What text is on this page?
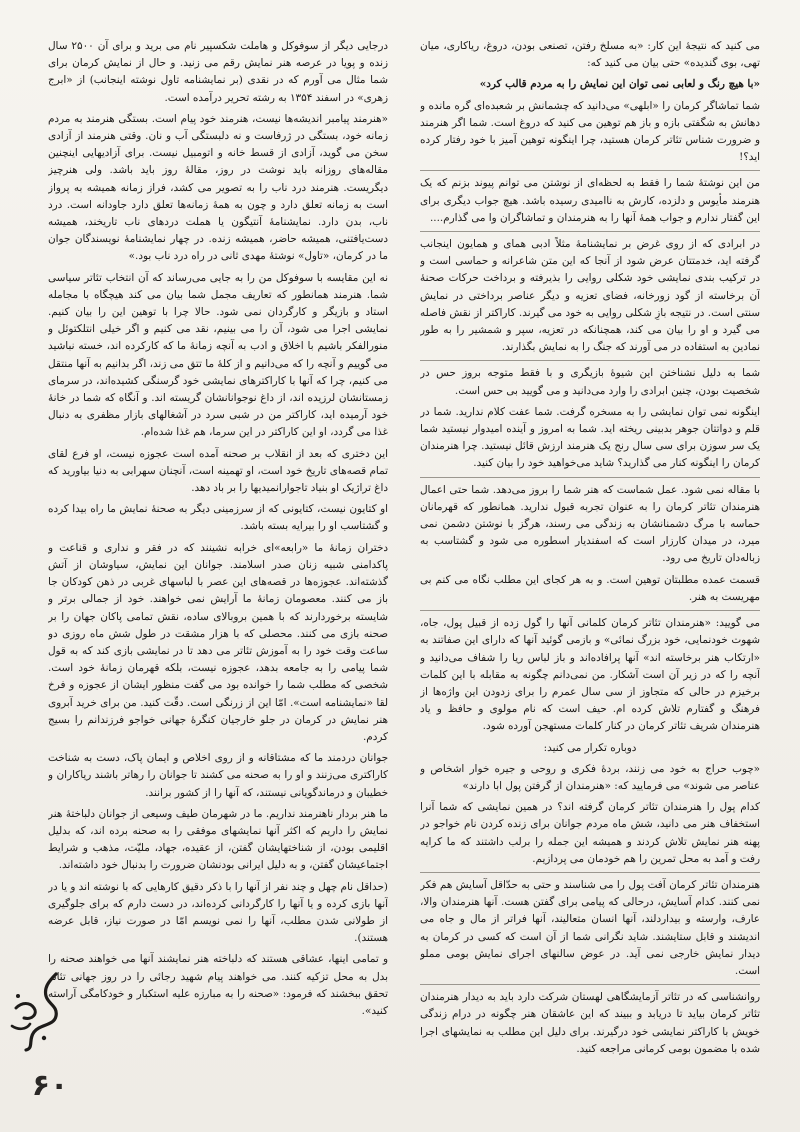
می کنید که نتیجهٔ این کار: «به مسلخ رفتن، تصنعی بودن، دروغ، ریاکاری، میان تهی، بوی گندیده» حتی بیان می کنید که:

«با هیچ رنگ و لعابی نمی توان این نمایش را به مردم قالب کرد»

شما تماشاگر کرمان را «ابلهی» می‌دانید که چشمانش بر شعبده‌ای گره مانده و دهانش به شگفتی بازه و باز هم توهین می کنید که دروغ است. شما اگر هنرمند و ضرورت شناس تئاتر کرمان هستید، چرا اینگونه توهین آمیز با خود رفتار کرده اید؟!

من این نوشتهٔ شما را فقط به لحظه‌ای از نوشتن می توانم پیوند بزنم که یک هنرمند مأیوس و دلزده، کارش به ناامیدی رسیده باشد. هیچ جواب دیگری برای این گفتار ندارم و جواب همهٔ آنها را به هنرمندان و تماشاگران وا می گذارم....

در ابرادی که از روی غرض بر نمایشنامهٔ مثلاً ادبی همای و همایون اینجانب گرفته اید، خدمتتان عرض شود از آنجا که این متن شاعرانه و حماسی است و در ترکیب بندی نمایشی خود شکلی روایی را بذیرفته و برداخت حرکات صحنهٔ آن برخاسته از گود زورخانه، فضای تعزیه و دیگر عناصر برداختی در نمایش سنتی است. در نتیجه بازِ شکلی روایی به خود می گیرند. کاراکتر از نقش فاصله می گیرد و او را بیان می کند، همچنانکه در تعزیه، سپر و شمشیر را به طور نمادین به استفاده در می آورند که جنگ را به نمایش بگذارند.

شما به دلیل نشناختن این شیوهٔ بازیگری و با فقط متوجه بروز حس در شخصیت بودن، چنین ابرادی را وارد می‌دانید و می گویید بی حس است.

اینگونه نمی توان نمایشی را به مسخره گرفت. شما عفت کلام ندارید. شما در قلم و دواتتان جوهر بدبینی ریخته اید. شما به امروز و آینده امیدوار نیستید شما یک سر سوزن برای سی سال رنج یک هنرمند ارزش قائل نیستید. چرا هنرمندان کرمان را اینگونه کنار می گذارید؟ شاید می‌خواهید خود را بیان کنید.

با مقاله نمی شود. عمل شماست که هنر شما را بروز می‌دهد. شما حتی اعمال هنرمندان تئاتر کرمان را به عنوان تجربه قبول ندارید. همانطور که قهرمانان حماسه با مرگ دشمنانشان به زندگی می رسند، هرگز با نوشتن دشمن نمی میرد، در میدان کارزار است که اسفندیار اسطوره می شود و گشتاسب به زباله‌دان تاریخ می رود.

قسمت عمده مطلبتان توهین است. و به هر کجای این مطلب نگاه می کنم بی مهریست به هنر.

می گویید: «هنرمندان تئاتر کرمان کلمانی آنها را گول زده از قبیل پول، جاه، شهوت خودنمایی، خود بزرگ نمائی» و بازمی گوئید آنها که دارای این صفاتند به «ارتکاب هنر برخاسته اند» آنها پرافاده‌اند و باز لباس ریا را شفاف می‌دانید و آنچه را که در زیر آن است آشکار. من نمی‌دانم چگونه به مقابله با این کلمات برخیزم در حالی که متجاوز از سی سال عمرم را برای زدودن این واژه‌ها از فرهنگ و گفتارم تلاش کرده ام. حیف است که نام مولوی و حافظ و یاد هنرمندان شریف تئاتر کرمان در کنار کلمات مستهجن آورده شود.

دوباره تکرار می کنید:

«چوب حراج به خود می زنند، بردهٔ فکری و روحی و جیره خوار اشخاص و عناصر می شوند» می فرمایید که: «هنرمندان از گرفتن پول ابا دارند»

کدام پول را هنرمندان تئاتر کرمان گرفته اند؟ در همین نمایشی که شما آنرا استخفاف هنر می دانید، شش ماه مردم جوانان برای زنده کردن نام خواجو در پهنه هنر نمایش تلاش کردند و همیشه این جمله را برلب داشتند که ما کرایه رفت و آمد به محل تمرین را هم خودمان می پردازیم.

هنرمندان تئاتر کرمان آفت پول را می شناسند و حتی به حدّاقل آسایش هم فکر نمی کنند. کدام آسایش، درحالی که پیامی برای گفتن هست. آنها هنرمندان والا، عارف، وارسته و بیداردلند، آنها انسان متعالیند، آنها فراتر از مال و جاه می اندیشند و قابل ستایشند. شاید نگرانی شما از آن است که کسی در کرمان به دیدار نمایش خارجی نمی آید. در عوض سالنهای اجرای نمایش بومی مملو است.

روانشناسی که در تئاتر آزمایشگاهی لهستان شرکت دارد باید به دیدار هنرمندان تئاتر کرمان بیاید تا دریابد و ببیند که این عاشقان هنر چگونه در درام زندگی خویش با کاراکتر نمایشی خود درگیرند. برای دلیل این مطلب به نمایشهای اجرا شده با مضمون بومی کرمانی مراجعه کنید.

درجایی دیگر از سوفوکل و هاملت شکسپیر نام می برید و برای آن ۲۵۰۰ سال زنده و پویا در عرصه هنر نمایش رقم می زنید. و حال از نمایش کرمان برای شما مثال می آورم که در نقدی (بر نمایشنامه تاول نوشته اینجانب) از «ابرج زهری» در اسفند ۱۳۵۴ به رشته تحریر درآمده است.

«هنرمند پیامبر اندیشه‌ها نیست، هنرمند خود پیام است. بستگی هنرمند به مردم زمانه خود، بستگی در ژرفاست و نه دلبستگی آب و نان. وقتی هنرمند از آزادی سخن می گوید، آزادی از قسط خانه و اتومبیل نیست. برای آزادیهایی اینچنین مقاله‌های روزانه باید نوشت در روز، مقالهٔ روز باید باشد. ولی هنرچیز دیگریست. هنرمند درد ناب را به تصویر می کشد، فراز زمانه همیشه به پرواز است به زمانه تعلق دارد و چون به همهٔ زمانه‌ها تعلق دارد جاودانه است. درد ناب، بدن دارد. نمایشنامهٔ آنتیگون یا هملت دردهای ناب تاریخند، همیشه دست‌یافتنی، همیشه حاضر، همیشه زنده. در چهار نمایشنامهٔ نویسندگان جوان ما در کرمان، «تاول» نوشتهٔ مهدی ثانی در راه درد ناب بود.»

نه این مقایسه با سوفوکل من را به جایی می‌رساند که آن انتخاب تئاتر سیاسی شما. هنرمند همانطور که تعاریف مجمل شما بیان می کند هیچگاه با مجامله استاد و بازیگر و کارگردان نمی شود. حالا چرا با توهین این را بیان کنیم. نمایشی اجرا می شود، آن را می بینیم، نقد می کنیم و اگر خیلی انتلکتوئل و منورالفکر باشیم با اخلاق و ادب به آنچه زمانهٔ ما که کارکرده اند، خسته نباشید می گوییم و آنچه را که می‌دانیم و از کلهٔ ما تتق می زند، اگر بدانیم به آنها منتقل می کنیم، چرا که آنها با کاراکترهای نمایشی خود گرسنگی کشیده‌اند، در سرمای زمستانشان لرزیده اند، از داغ نوجوانانشان گریسته اند. و آنگاه که شما در خانهٔ خود آرمیده اید، کاراکتر من در شبی سرد در آشغالهای بازار مظفری به دنبال غذا می گردد، او این کاراکتر در این سرما، هم غذا شده‌ام.

این دختری که بعد از انقلاب بر صحنه آمده است عجوزه نیست، او فرع لقای تمام قصه‌های تاریخ خود است، او تهمینه است، آنچنان سهرابی به دنیا بیاورید که داغ تراژیک او بنیاد تاجوارانمیدیها را بر باد دهد.

او کتایون نیست، کتایونی که از سرزمینی دیگر به صحنهٔ نمایش ما راه بیدا کرده و گشتاسب او را بیرایه بسته باشد.

دختران زمانهٔ ما «رابعه»ای خرابه نشینند که در فقر و نداری و قناعت و پاکدامنی شبیه زنان صدر اسلامند. جوانان این نمایش، سیاوشان از آتش گذشته‌اند. عجوزه‌ها در قصه‌های این عصر با لباسهای غربی در ذهن کودکان جا باز می کنند. معصومان زمانهٔ ما آرایش نمی خواهند. خود از جمالی برتر و شایسته برخوردارند که با همین بروبالای ساده، نقش تمامی پاکان جهان را بر صحنه بازی می کنند. محصلی که با هزار مشقت در طول شش ماه روزی دو ساعت وقت خود را به آموزش تئاتر می دهد تا در نمایشی بازی کند که به قول شما پیامی را به جامعه بدهد، عجوزه نیست، بلکه قهرمان زمانهٔ خود است. شخصی که مطلب شما را خوانده بود می گفت منظور ایشان از عجوزه و فرخ لقا «نمایشنامه است». امّا این از زرنگی است. دقّت کنید. من برای خرید آبروی هنر نمایش در کرمان در جلو خارجیان کنگرهٔ جهانی خواجو فرزندانم را بسیج کردم.

جوانان دردمند ما که مشتاقانه و از روی اخلاص و ایمان پاک، دست به شناخت کاراکتری می‌زنند و او را به صحنه می کشند تا جوانان را رهاتر باشند ریاکاران و خطیبان و درماندگویانی نیستند، که آنها را از کشور برانند.

ما هنر بردار ناهنرمند نداریم. ما در شهرمان طیف وسیعی از جوانان دلباختهٔ هنر نمایش را داریم که اکثر آنها نمایشهای موفقی را به صحنه برده اند، که بدلیل اقلیمی بودن، از شناختهایشان گفتن، از عقیده، جهاد، ملیّت، مذهب و شرایط اجتماعیشان گفتن، و به دلیل ایرانی بودنشان ضرورت را بدنبال خود داشته‌اند.

(حداقل نام چهل و چند نفر از آنها را با ذکر دقیق کارهایی که با نوشته اند و یا در آنها بازی کرده و یا آنها را کارگردانی کرده‌اند، در دست دارم که برای جلوگیری از طولانی شدن مطلب، آنها را نمی نویسم امّا در صورت نیاز، قابل عرضه هستند).

و تمامی اینها، عشاقی هستند که دلباخته هنر نمایشند آنها می خواهند صحنه را بدل به محل تزکیه کنند. می خواهند پیام شهید رجائی را در روز جهانی تئاتر تحقق ببخشند که فرمود: «صحنه را به مبارزه علیه استکبار و خودکامگی آراسته کنید».

۶۰
